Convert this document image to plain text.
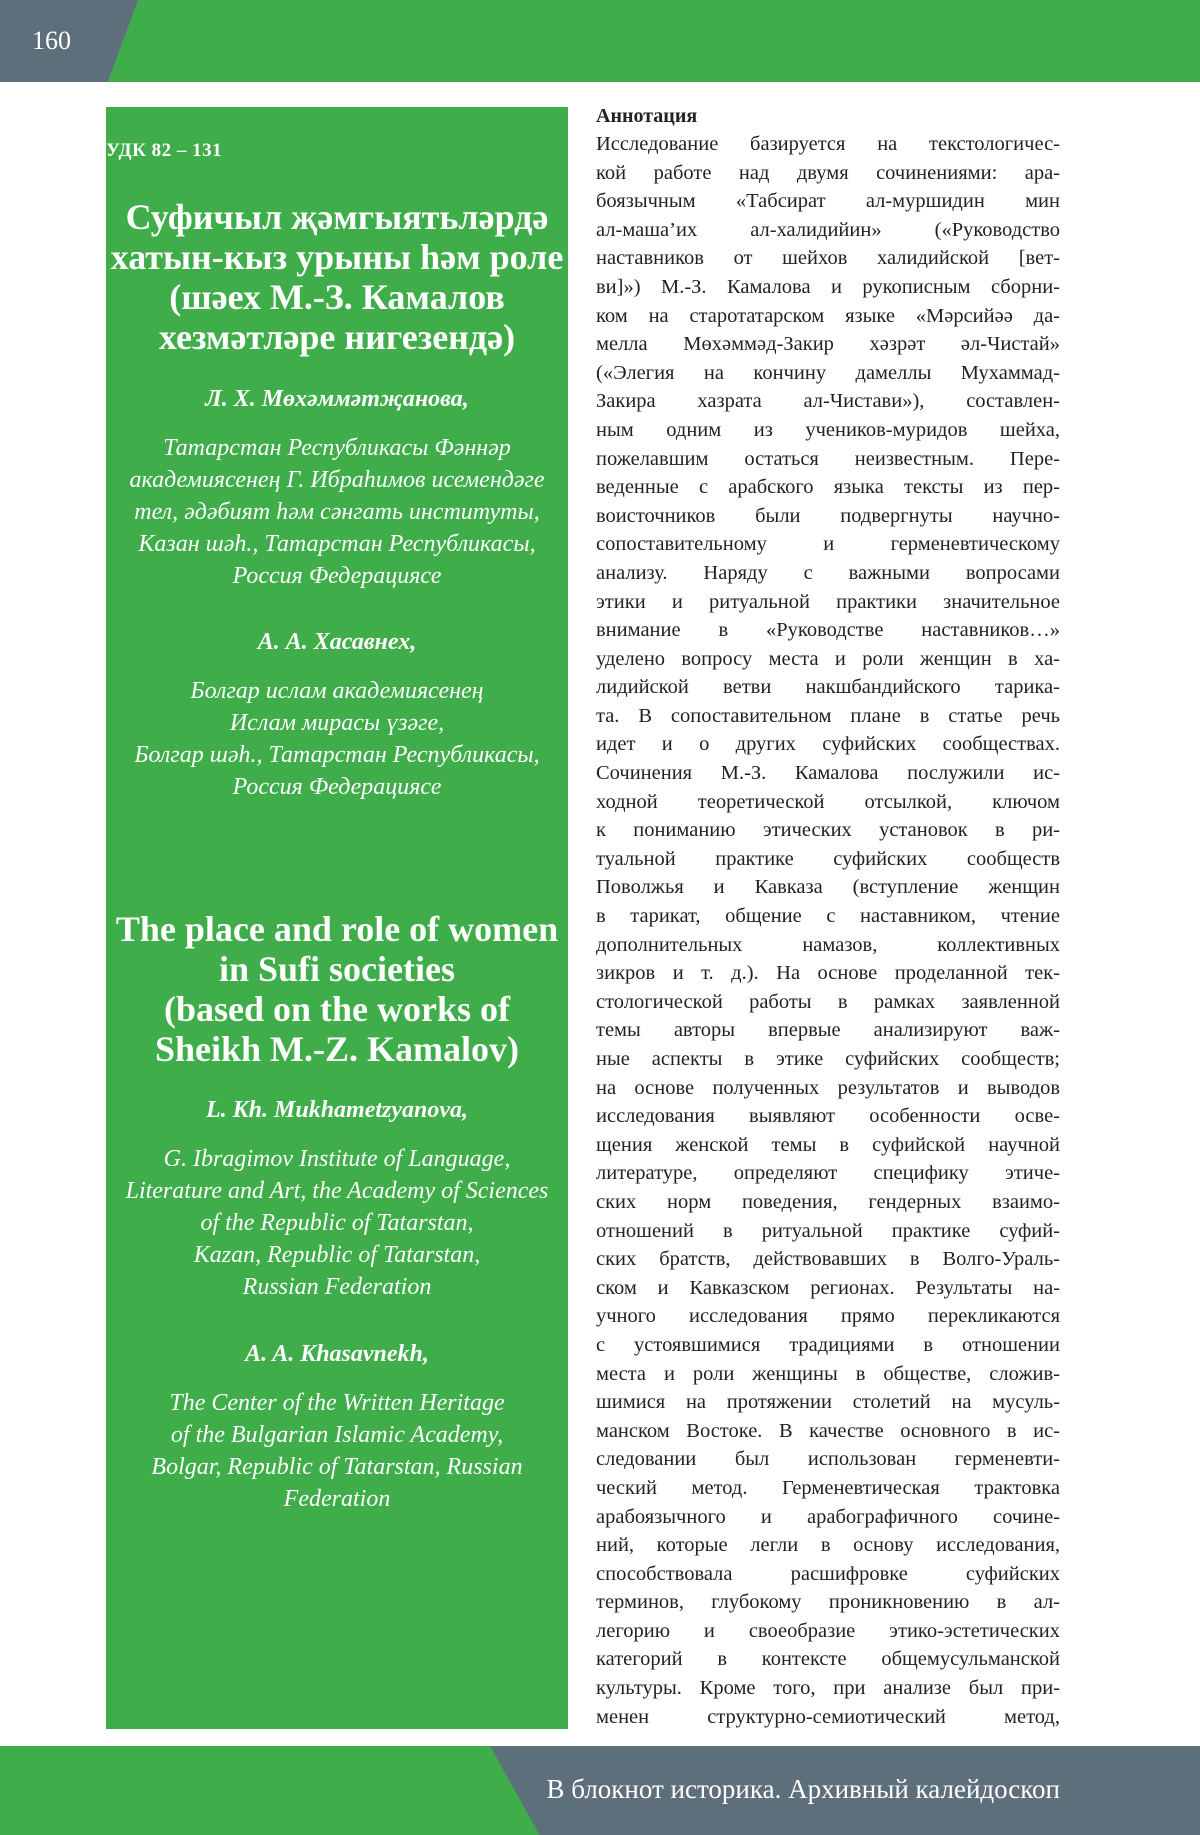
160
УДК 82 – 131

Суфичыл җәмгыятьләрдә
хатын-кыз урыны һәм роле
(шәех М.-З. Камалов
хезмәтләре нигезендә)

Л. Х. Мөхәммәтҗанова,

Татарстан Республикасы Фәннәр
академиясенең Г. Ибраһимов исемендәге
тел, әдәбият һәм сәнгать институты,
Казан шәһ., Татарстан Республикасы,
Россия Федерациясе

А. А. Хасавнех,

Болгар ислам академиясенең
Ислам мирасы үзәге,
Болгар шәһ., Татарстан Республикасы,
Россия Федерациясе

The place and role of women
in Sufi societies
(based on the works of
Sheikh M.-Z. Kamalov)

L. Kh. Mukhametzyanova,

G. Ibragimov Institute of Language,
Literature and Art, the Academy of Sciences
of the Republic of Tatarstan,
Kazan, Republic of Tatarstan,
Russian Federation

A. A. Khasavnekh,

The Center of the Written Heritage
of the Bulgarian Islamic Academy,
Bolgar, Republic of Tatarstan, Russian
Federation

Аннотация

Исследование базируется на текстологичес-
кой работе над двумя сочинениями: ара-
боязычным «Табсират ал-муршидин мин
ал-маша’их ал-халидийин» («Руководство
наставников от шейхов халидийской [вет-
ви]») М.-З. Камалова и рукописным сборни-
ком на старотатарском языке «Мәрсийәә да-
мелла Мөхәммәд-Закир хәзрәт әл-Чистай»
(«Элегия на кончину дамеллы Мухаммад-
Закира хазрата ал-Чистави»), составлен-
ным одним из учеников-муридов шейха,
пожелавшим остаться неизвестным. Пере-
веденные с арабского языка тексты из пер-
воисточников были подвергнуты научно-
сопоставительному и герменевтическому
анализу. Наряду с важными вопросами
этики и ритуальной практики значительное
внимание в «Руководстве наставников…»
уделено вопросу места и роли женщин в ха-
лидийской ветви накшбандийского тарика-
та. В сопоставительном плане в статье речь
идет и о других суфийских сообществах.
Сочинения М.-З. Камалова послужили ис-
ходной теоретической отсылкой, ключом
к пониманию этических установок в ри-
туальной практике суфийских сообществ
Поволжья и Кавказа (вступление женщин
в тарикат, общение с наставником, чтение
дополнительных намазов, коллективных
зикров и т. д.). На основе проделанной тек-
стологической работы в рамках заявленной
темы авторы впервые анализируют важ-
ные аспекты в этике суфийских сообществ;
на основе полученных результатов и выводов
исследования выявляют особенности осве-
щения женской темы в суфийской научной
литературе, определяют специфику этиче-
ских норм поведения, гендерных взаимо-
отношений в ритуальной практике суфий-
ских братств, действовавших в Волго-Ураль-
ском и Кавказском регионах. Результаты на-
учного исследования прямо перекликаются
с устоявшимися традициями в отношении
места и роли женщины в обществе, сложив-
шимися на протяжении столетий на мусуль-
манском Востоке. В качестве основного в ис-
следовании был использован герменевти-
ческий метод. Герменевтическая трактовка
арабоязычного и арабографичного сочине-
ний, которые легли в основу исследования,
способствовала расшифровке суфийских
терминов, глубокому проникновению в ал-
легорию и своеобразие этико-эстетических
категорий в контексте общемусульманской
культуры. Кроме того, при анализе был при-
менен структурно-семиотический метод,
В блокнот историка. Архивный калейдоскоп
